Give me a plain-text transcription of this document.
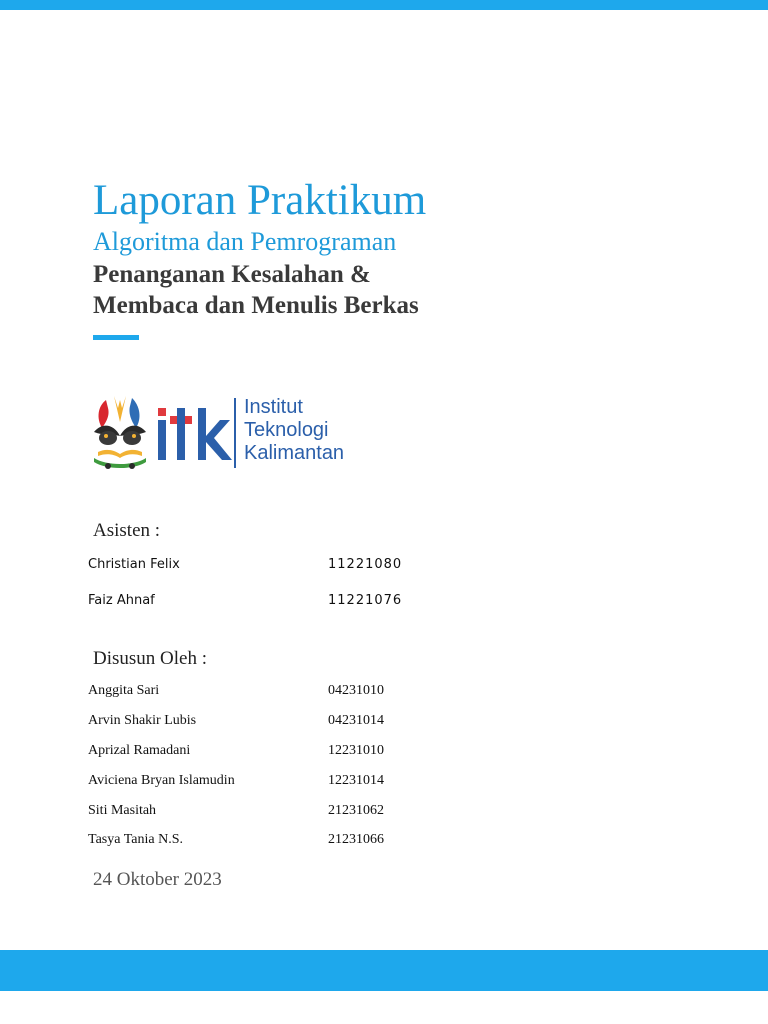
Laporan Praktikum
Algoritma dan Pemrograman
Penanganan Kesalahan &
Membaca dan Menulis Berkas
Institut
Teknologi
Kalimantan
Asisten :
Christian Felix	11221080
Faiz Ahnaf	11221076
Disusun Oleh :
Anggita Sari	04231010
Arvin Shakir Lubis	04231014
Aprizal Ramadani	12231010
Aviciena Bryan Islamudin	12231014
Siti Masitah	21231062
Tasya Tania N.S.	21231066
24 Oktober 2023
